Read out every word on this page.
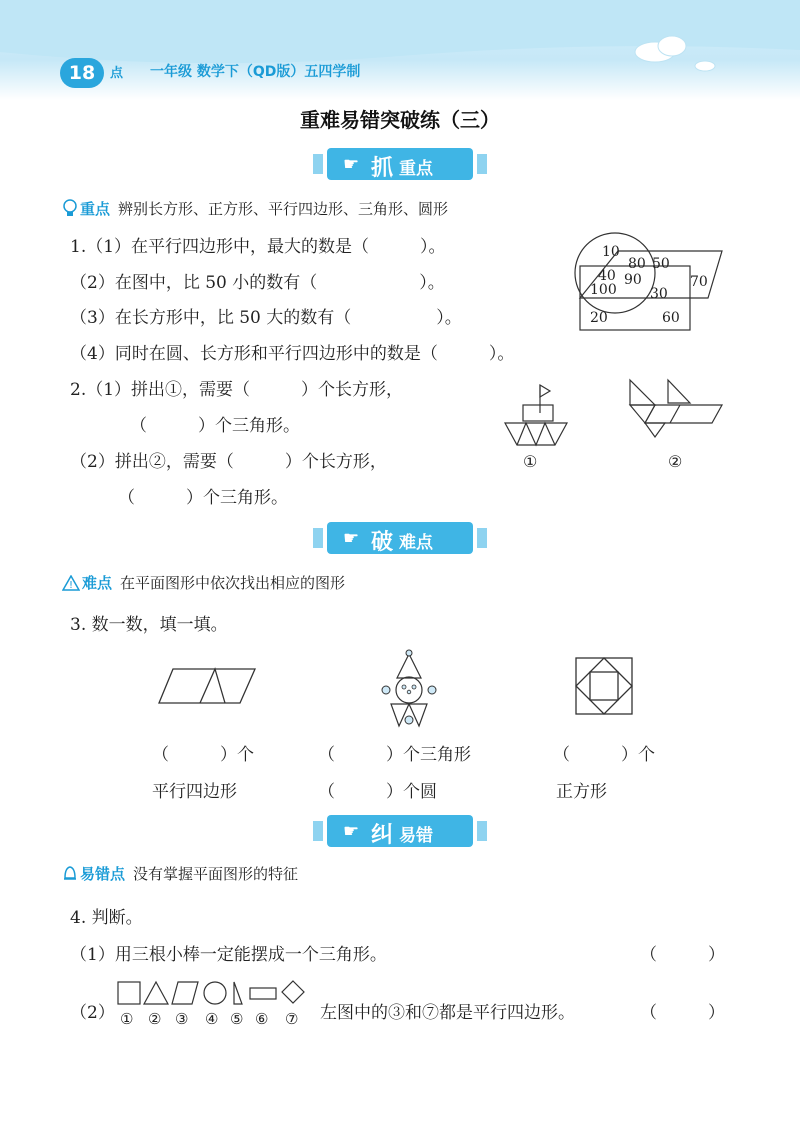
18	点 一年级 数学下（QD版）五四学制
重难易错突破练（三）
☛ 抓 重点
重点 辨别长方形、正方形、平行四边形、三角形、圆形
1.（1）在平行四边形中，最大的数是（　　　）。
（2）在图中，比 50 小的数有（　　　　　　）。
（3）在长方形中，比 50 大的数有（　　　　　）。
（4）同时在圆、长方形和平行四边形中的数是（　　　）。
10
80 50
40 90	70
100 30
20	60
2.（1）拼出①，需要（　　　）个长方形，
（　　　）个三角形。
（2）拼出②，需要（　　　）个长方形，
（　　　）个三角形。
①	②
☛ 破 难点
! 难点 在平面图形中依次找出相应的图形
3. 数一数，填一填。
（　　　）个
平行四边形
（　　　）个三角形
（　　　）个圆
（　　　）个
正方形
☛ 纠 易错
易错点 没有掌握平面图形的特征
4. 判断。
（1）用三根小棒一定能摆成一个三角形。	（　　　）
（2） ① ② ③ ④ ⑤ ⑥ ⑦ 左图中的③和⑦都是平行四边形。	（　　　）
